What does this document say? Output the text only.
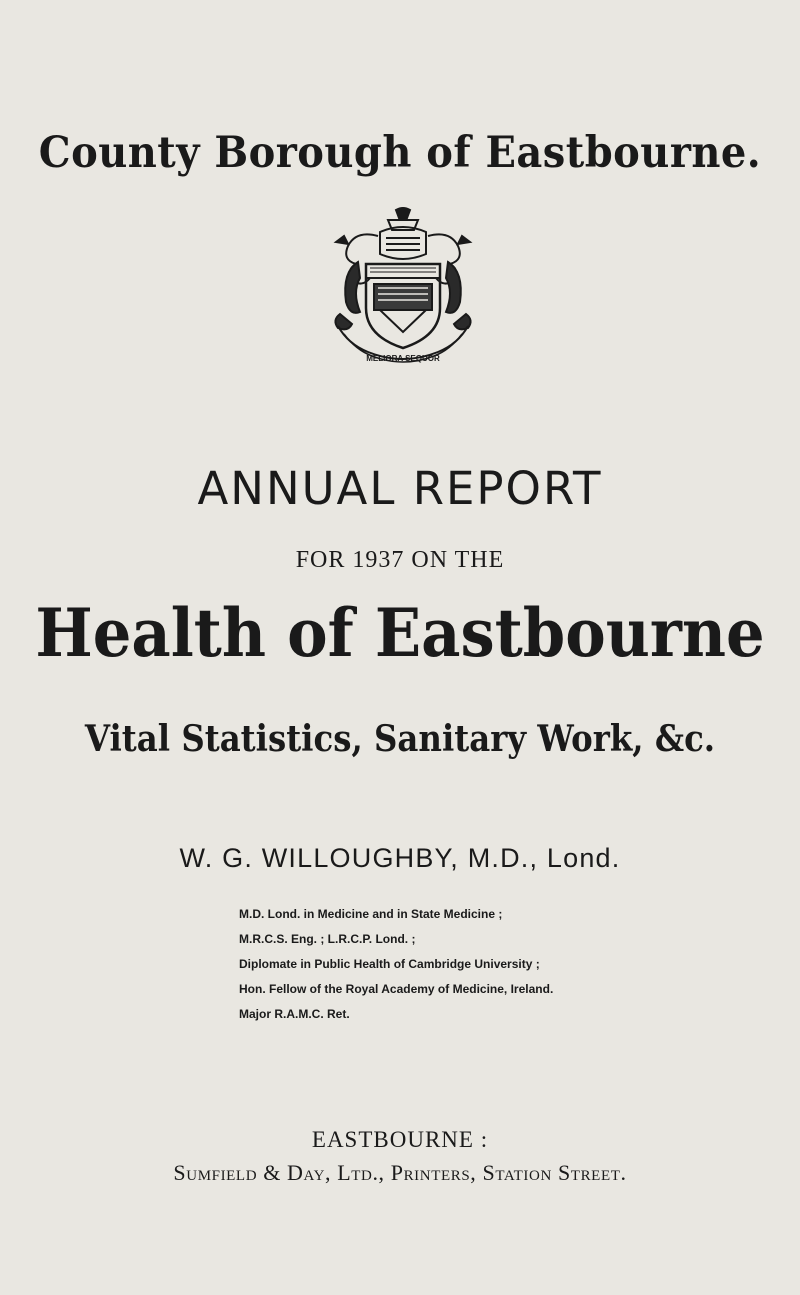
County Borough of Eastbourne.
MELIORA SEQUOR
ANNUAL REPORT
FOR 1937 ON THE
Health of Eastbourne
Vital Statistics, Sanitary Work, &c.
W. G. WILLOUGHBY, M.D., Lond.
M.D. Lond. in Medicine and in State Medicine ;
M.R.C.S. Eng. ; L.R.C.P. Lond. ;
Diplomate in Public Health of Cambridge University ;
Hon. Fellow of the Royal Academy of Medicine, Ireland.
Major R.A.M.C. Ret.
EASTBOURNE :
Sumfield & Day, Ltd., Printers, Station Street.
